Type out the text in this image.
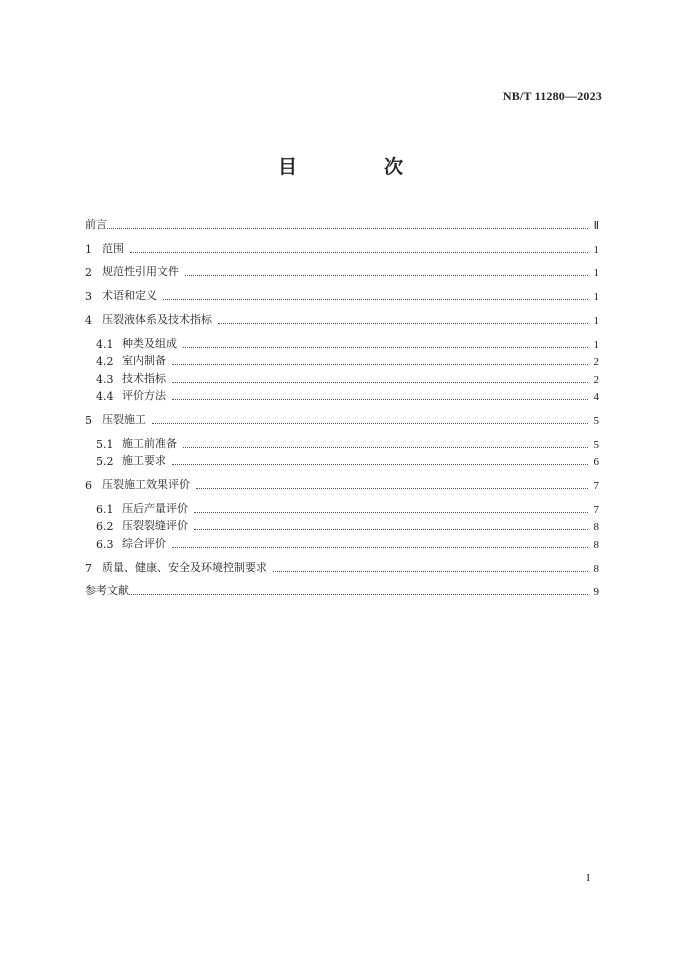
NB/T 11280—2023
目　次
前言	Ⅱ
1 范围	1
2 规范性引用文件	1
3 术语和定义	1
4 压裂液体系及技术指标	1
4.1 种类及组成	1
4.2 室内制备	2
4.3 技术指标	2
4.4 评价方法	4
5 压裂施工	5
5.1 施工前准备	5
5.2 施工要求	6
6 压裂施工效果评价	7
6.1 压后产量评价	7
6.2 压裂裂缝评价	8
6.3 综合评价	8
7 质量、健康、安全及环境控制要求	8
参考文献	9
I
